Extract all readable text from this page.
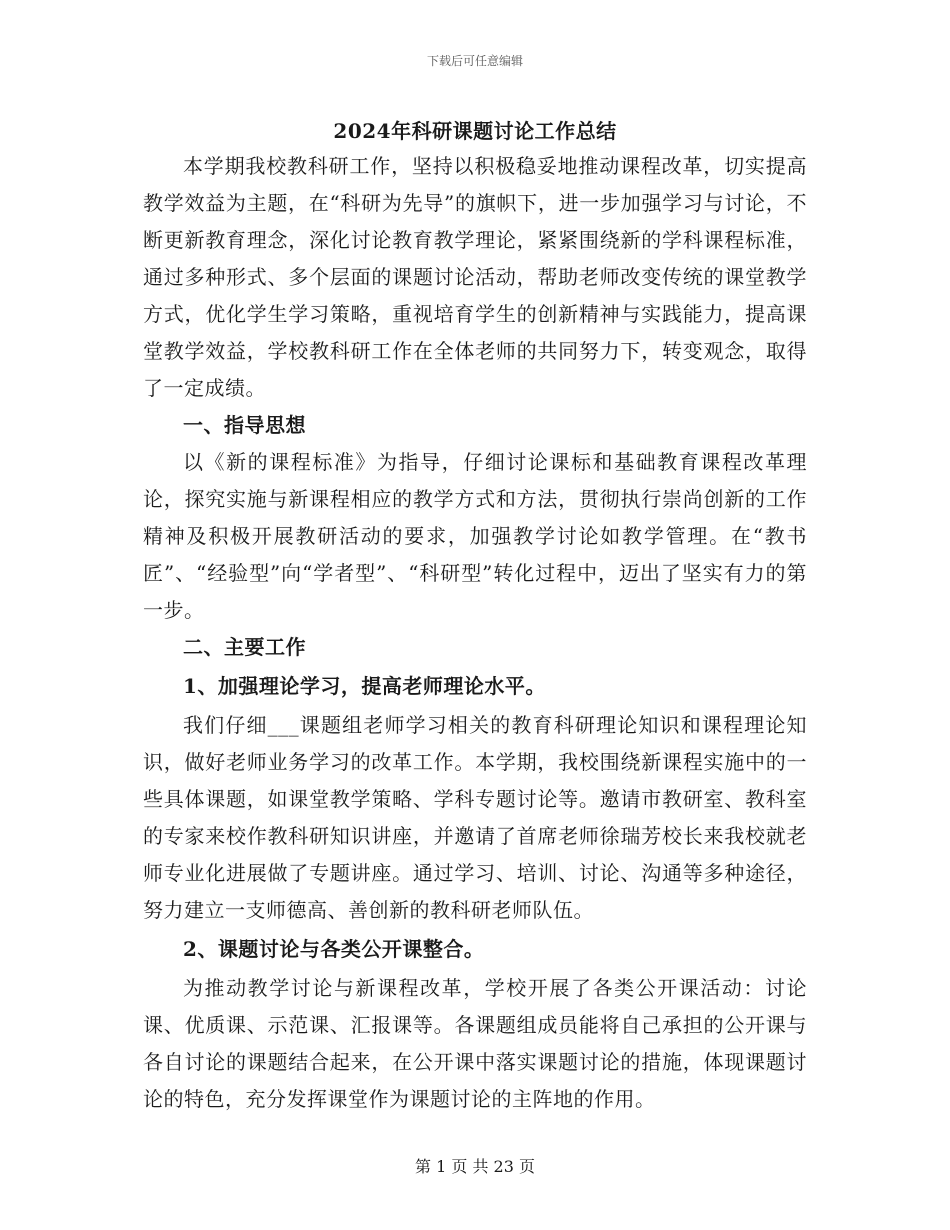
下载后可任意编辑
2024年科研课题讨论工作总结

本学期我校教科研工作，坚持以积极稳妥地推动课程改革，切实提高教学效益为主题，在“科研为先导”的旗帜下，进一步加强学习与讨论，不断更新教育理念，深化讨论教育教学理论，紧紧围绕新的学科课程标准，通过多种形式、多个层面的课题讨论活动，帮助老师改变传统的课堂教学方式，优化学生学习策略，重视培育学生的创新精神与实践能力，提高课堂教学效益，学校教科研工作在全体老师的共同努力下，转变观念，取得了一定成绩。

一、指导思想

以《新的课程标准》为指导，仔细讨论课标和基础教育课程改革理论，探究实施与新课程相应的教学方式和方法，贯彻执行崇尚创新的工作精神及积极开展教研活动的要求，加强教学讨论如教学管理。在“教书匠”、“经验型”向“学者型”、“科研型”转化过程中，迈出了坚实有力的第一步。

二、主要工作

1、加强理论学习，提高老师理论水平。

我们仔细___课题组老师学习相关的教育科研理论知识和课程理论知识，做好老师业务学习的改革工作。本学期，我校围绕新课程实施中的一些具体课题，如课堂教学策略、学科专题讨论等。邀请市教研室、教科室的专家来校作教科研知识讲座，并邀请了首席老师徐瑞芳校长来我校就老师专业化进展做了专题讲座。通过学习、培训、讨论、沟通等多种途径，努力建立一支师德高、善创新的教科研老师队伍。

2、课题讨论与各类公开课整合。

为推动教学讨论与新课程改革，学校开展了各类公开课活动：讨论课、优质课、示范课、汇报课等。各课题组成员能将自己承担的公开课与各自讨论的课题结合起来，在公开课中落实课题讨论的措施，体现课题讨论的特色，充分发挥课堂作为课题讨论的主阵地的作用。

第 1 页 共 23 页
